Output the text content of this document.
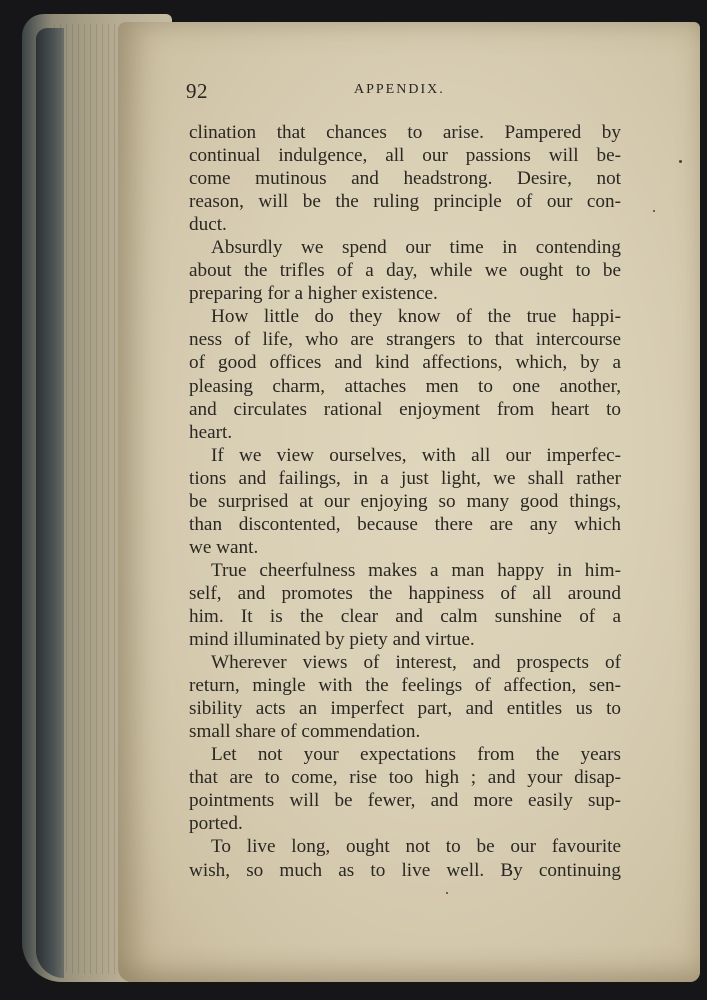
92	APPENDIX.
clination that chances to arise. Pampered by
continual indulgence, all our passions will be-
come mutinous and headstrong. Desire, not
reason, will be the ruling principle of our con-
duct.
Absurdly we spend our time in contending
about the trifles of a day, while we ought to be
preparing for a higher existence.
How little do they know of the true happi-
ness of life, who are strangers to that intercourse
of good offices and kind affections, which, by a
pleasing charm, attaches men to one another,
and circulates rational enjoyment from heart to
heart.
If we view ourselves, with all our imperfec-
tions and failings, in a just light, we shall rather
be surprised at our enjoying so many good things,
than discontented, because there are any which
we want.
True cheerfulness makes a man happy in him-
self, and promotes the happiness of all around
him. It is the clear and calm sunshine of a
mind illuminated by piety and virtue.
Wherever views of interest, and prospects of
return, mingle with the feelings of affection, sen-
sibility acts an imperfect part, and entitles us to
small share of commendation.
Let not your expectations from the years
that are to come, rise too high ; and your disap-
pointments will be fewer, and more easily sup-
ported.
To live long, ought not to be our favourite
wish, so much as to live well. By continuing
